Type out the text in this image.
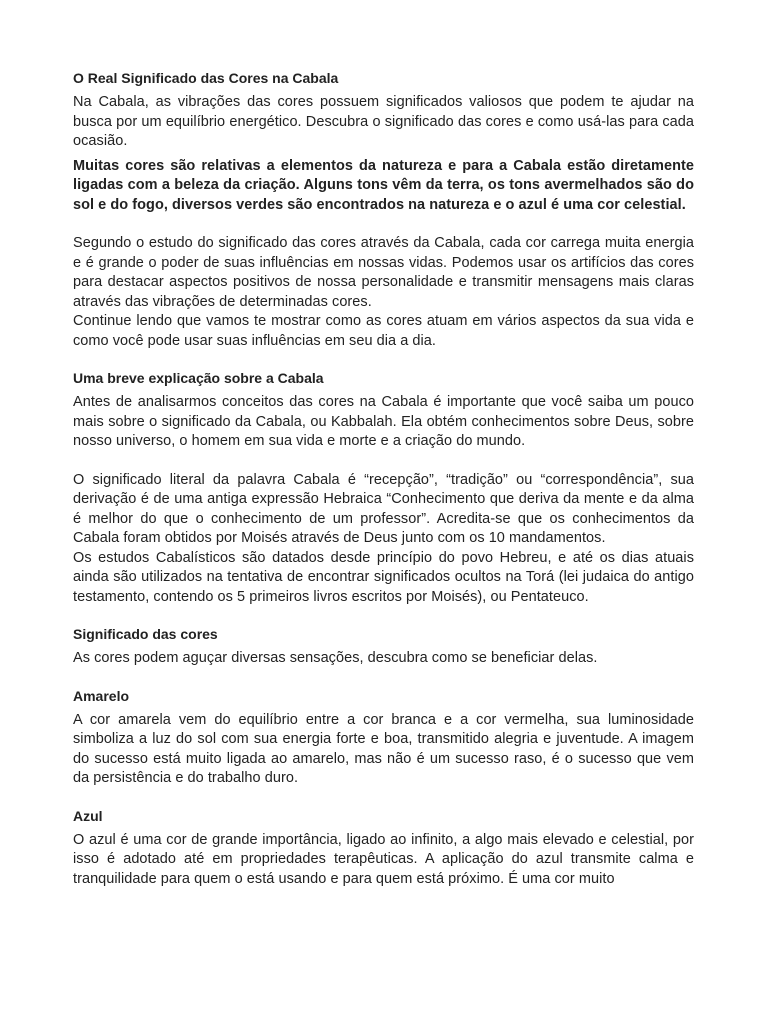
O Real Significado das Cores na Cabala

Na Cabala, as vibrações das cores possuem significados valiosos que podem te ajudar na busca por um equilíbrio energético. Descubra o significado das cores e como usá-las para cada ocasião.

Muitas cores são relativas a elementos da natureza e para a Cabala estão diretamente ligadas com a beleza da criação. Alguns tons vêm da terra, os tons avermelhados são do sol e do fogo, diversos verdes são encontrados na natureza e o azul é uma cor celestial.

Segundo o estudo do significado das cores através da Cabala, cada cor carrega muita energia e é grande o poder de suas influências em nossas vidas. Podemos usar os artifícios das cores para destacar aspectos positivos de nossa personalidade e transmitir mensagens mais claras através das vibrações de determinadas cores.

Continue lendo que vamos te mostrar como as cores atuam em vários aspectos da sua vida e como você pode usar suas influências em seu dia a dia.

Uma breve explicação sobre a Cabala

Antes de analisarmos conceitos das cores na Cabala é importante que você saiba um pouco mais sobre o significado da Cabala, ou Kabbalah. Ela obtém conhecimentos sobre Deus, sobre nosso universo, o homem em sua vida e morte e a criação do mundo.

O significado literal da palavra Cabala é “recepção”, “tradição” ou “correspondência”, sua derivação é de uma antiga expressão Hebraica “Conhecimento que deriva da mente e da alma é melhor do que o conhecimento de um professor”. Acredita-se que os conhecimentos da Cabala foram obtidos por Moisés através de Deus junto com os 10 mandamentos.

Os estudos Cabalísticos são datados desde princípio do povo Hebreu, e até os dias atuais ainda são utilizados na tentativa de encontrar significados ocultos na Torá (lei judaica do antigo testamento, contendo os 5 primeiros livros escritos por Moisés), ou Pentateuco.

Significado das cores

As cores podem aguçar diversas sensações, descubra como se beneficiar delas.

Amarelo

A cor amarela vem do equilíbrio entre a cor branca e a cor vermelha, sua luminosidade simboliza a luz do sol com sua energia forte e boa, transmitido alegria e juventude. A imagem do sucesso está muito ligada ao amarelo, mas não é um sucesso raso, é o sucesso que vem da persistência e do trabalho duro.

Azul

O azul é uma cor de grande importância, ligado ao infinito, a algo mais elevado e celestial, por isso é adotado até em propriedades terapêuticas. A aplicação do azul transmite calma e tranquilidade para quem o está usando e para quem está próximo. É uma cor muito
